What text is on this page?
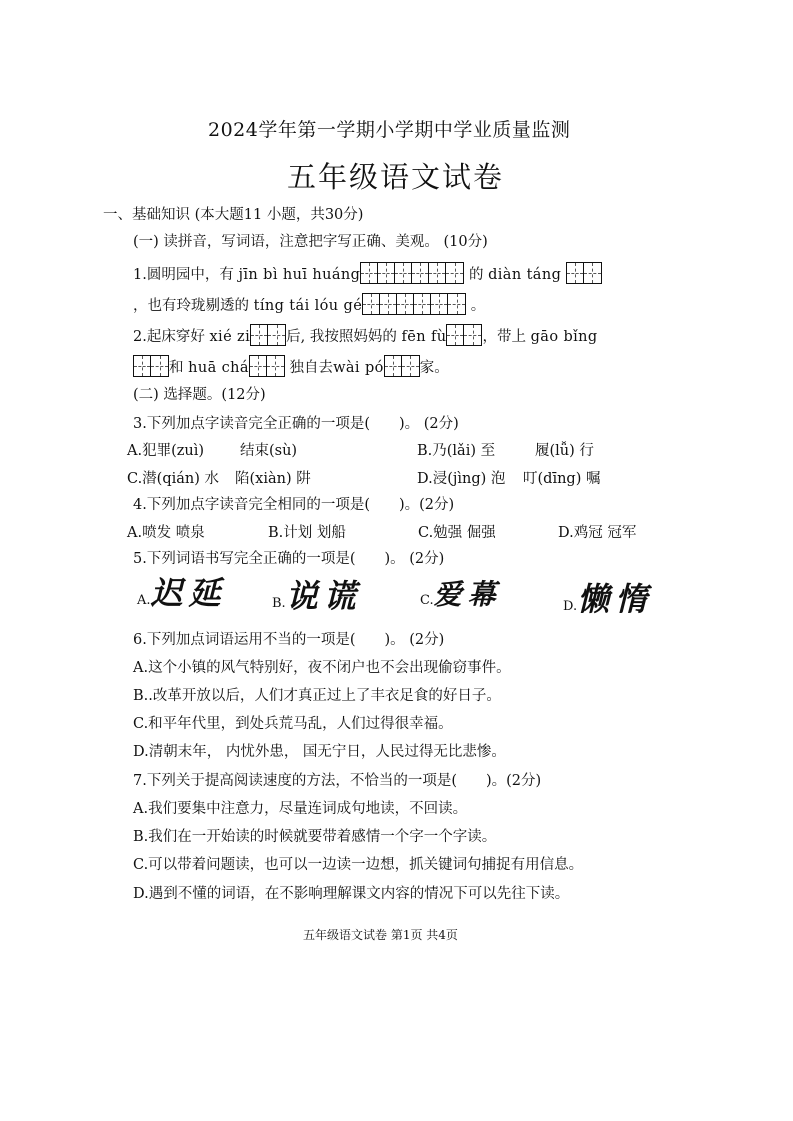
2024学年第一学期小学期中学业质量监测
五年级语文试卷
一、基础知识 (本大题11 小题，共30分)
(一) 读拼音，写词语，注意把字写正确、美观。 (10分)
1.圆明园中，有 jīn bì huī huáng	的 diàn táng
，也有玲珑剔透的 tíng tái lóu gé	。
2.起床穿好 xié zi 后, 我按照妈妈的 fēn fù ，带上 gāo bǐng
和 huā chá 独自去wài pó 家。
(二) 选择题。(12分)
3.下列加点字读音完全正确的一项是(　　)。 (2分)
A.犯罪(zuì) 结束(sù)	B.乃(lǎi) 至	履(lǚ) 行
C.潜(qián) 水 陷(xiàn) 阱	D.浸(jìng) 泡 叮(dīng) 嘱
4.下列加点字读音完全相同的一项是(　　)。(2分)
A.喷发 喷泉	B.计划 划船	C.勉强 倔强	D.鸡冠 冠军
5.下列词语书写完全正确的一项是(　　)。 (2分)
A.迟延	B.说谎	C.爱幕	D.懒惰
6.下列加点词语运用不当的一项是(　　)。 (2分)
A.这个小镇的风气特别好，夜不闭户也不会出现偷窃事件。
B..改革开放以后，人们才真正过上了丰衣足食的好日子。
C.和平年代里，到处兵荒马乱，人们过得很幸福。
D.清朝末年， 内忧外患， 国无宁日，人民过得无比悲惨。
7.下列关于提高阅读速度的方法，不恰当的一项是(　　)。(2分)
A.我们要集中注意力，尽量连词成句地读，不回读。
B.我们在一开始读的时候就要带着感情一个字一个字读。
C.可以带着问题读，也可以一边读一边想，抓关键词句捕捉有用信息。
D.遇到不懂的词语，在不影响理解课文内容的情况下可以先往下读。
五年级语文试卷 第1页 共4页
